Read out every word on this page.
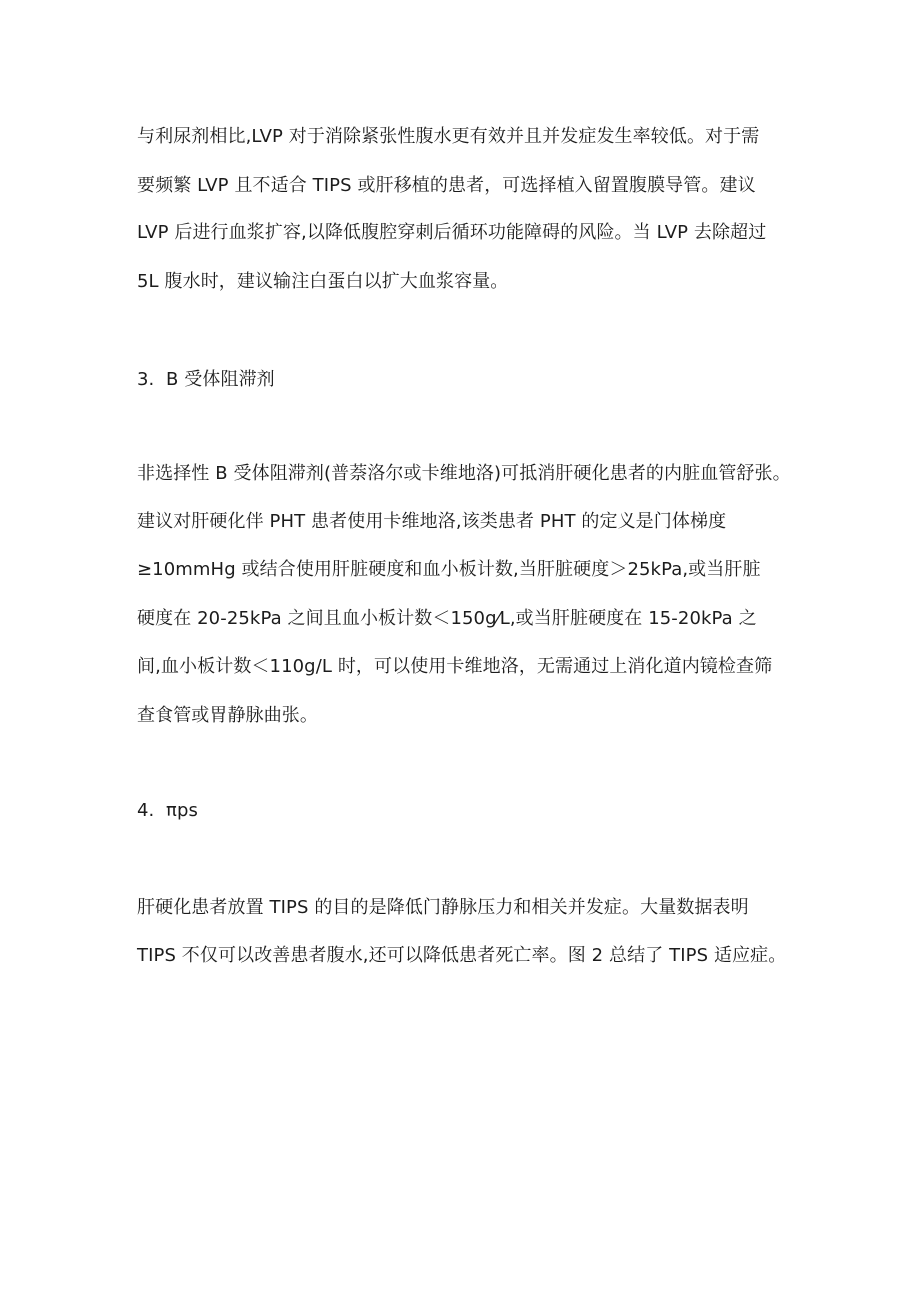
与利尿剂相比,LVP 对于消除紧张性腹水更有效并且并发症发生率较低。对于需
要频繁 LVP 且不适合 TIPS 或肝移植的患者，可选择植入留置腹膜导管。建议
LVP 后进行血浆扩容,以降低腹腔穿刺后循环功能障碍的风险。当 LVP 去除超过
5L 腹水时，建议输注白蛋白以扩大血浆容量。
3.  B 受体阻滞剂
非选择性 B 受体阻滞剂(普萘洛尔或卡维地洛)可抵消肝硬化患者的内脏血管舒张。
建议对肝硬化伴 PHT 患者使用卡维地洛,该类患者 PHT 的定义是门体梯度
≥10mmHg 或结合使用肝脏硬度和血小板计数,当肝脏硬度＞25kPa,或当肝脏
硬度在 20-25kPa 之间且血小板计数＜150g⁄L,或当肝脏硬度在 15-20kPa 之
间,血小板计数＜110g/L 时，可以使用卡维地洛，无需通过上消化道内镜检查筛
查食管或胃静脉曲张。
4.  πps
肝硬化患者放置 TIPS 的目的是降低门静脉压力和相关并发症。大量数据表明
TIPS 不仅可以改善患者腹水,还可以降低患者死亡率。图 2 总结了 TIPS 适应症。
